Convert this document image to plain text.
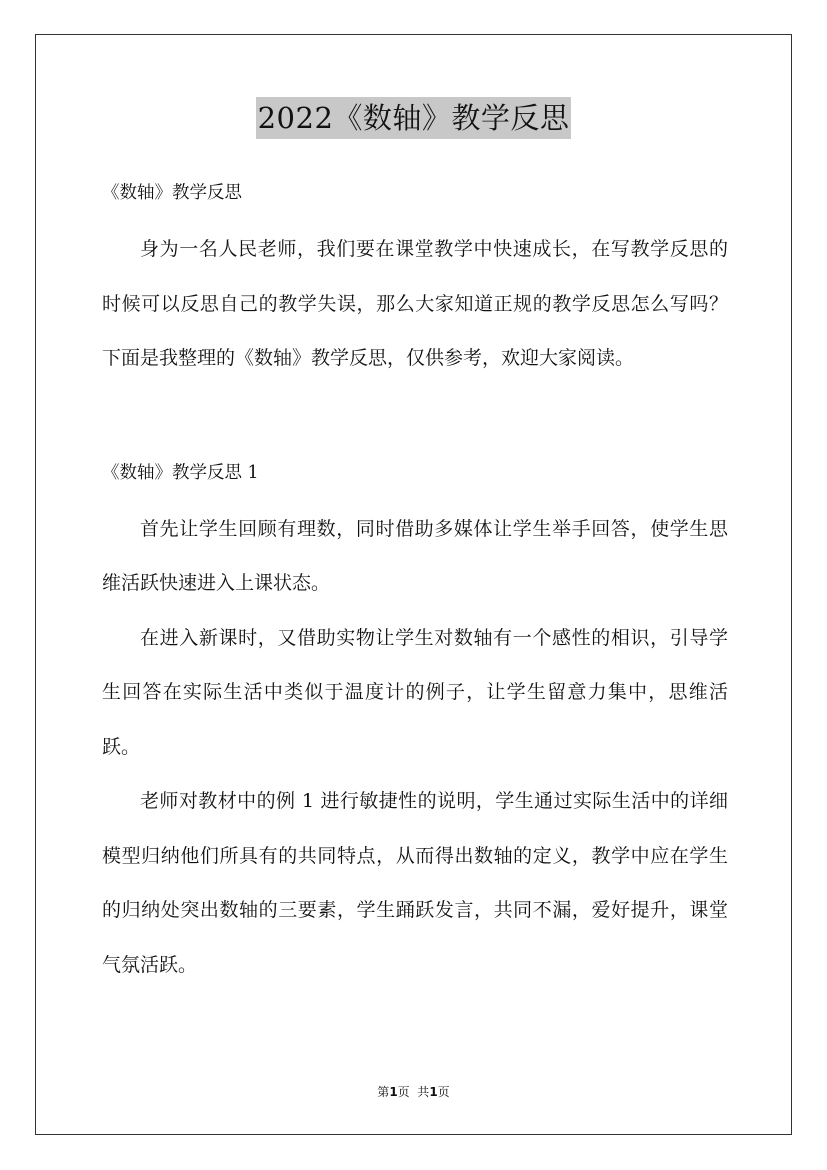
2022《数轴》教学反思

《数轴》教学反思

身为一名人民老师，我们要在课堂教学中快速成长，在写教学反思的时候可以反思自己的教学失误，那么大家知道正规的教学反思怎么写吗？下面是我整理的《数轴》教学反思，仅供参考，欢迎大家阅读。

《数轴》教学反思 1

首先让学生回顾有理数，同时借助多媒体让学生举手回答，使学生思维活跃快速进入上课状态。

在进入新课时，又借助实物让学生对数轴有一个感性的相识，引导学生回答在实际生活中类似于温度计的例子，让学生留意力集中，思维活跃。

老师对教材中的例 1 进行敏捷性的说明，学生通过实际生活中的详细模型归纳他们所具有的共同特点，从而得出数轴的定义，教学中应在学生的归纳处突出数轴的三要素，学生踊跃发言，共同不漏，爱好提升，课堂气氛活跃。

第1页  共1页
